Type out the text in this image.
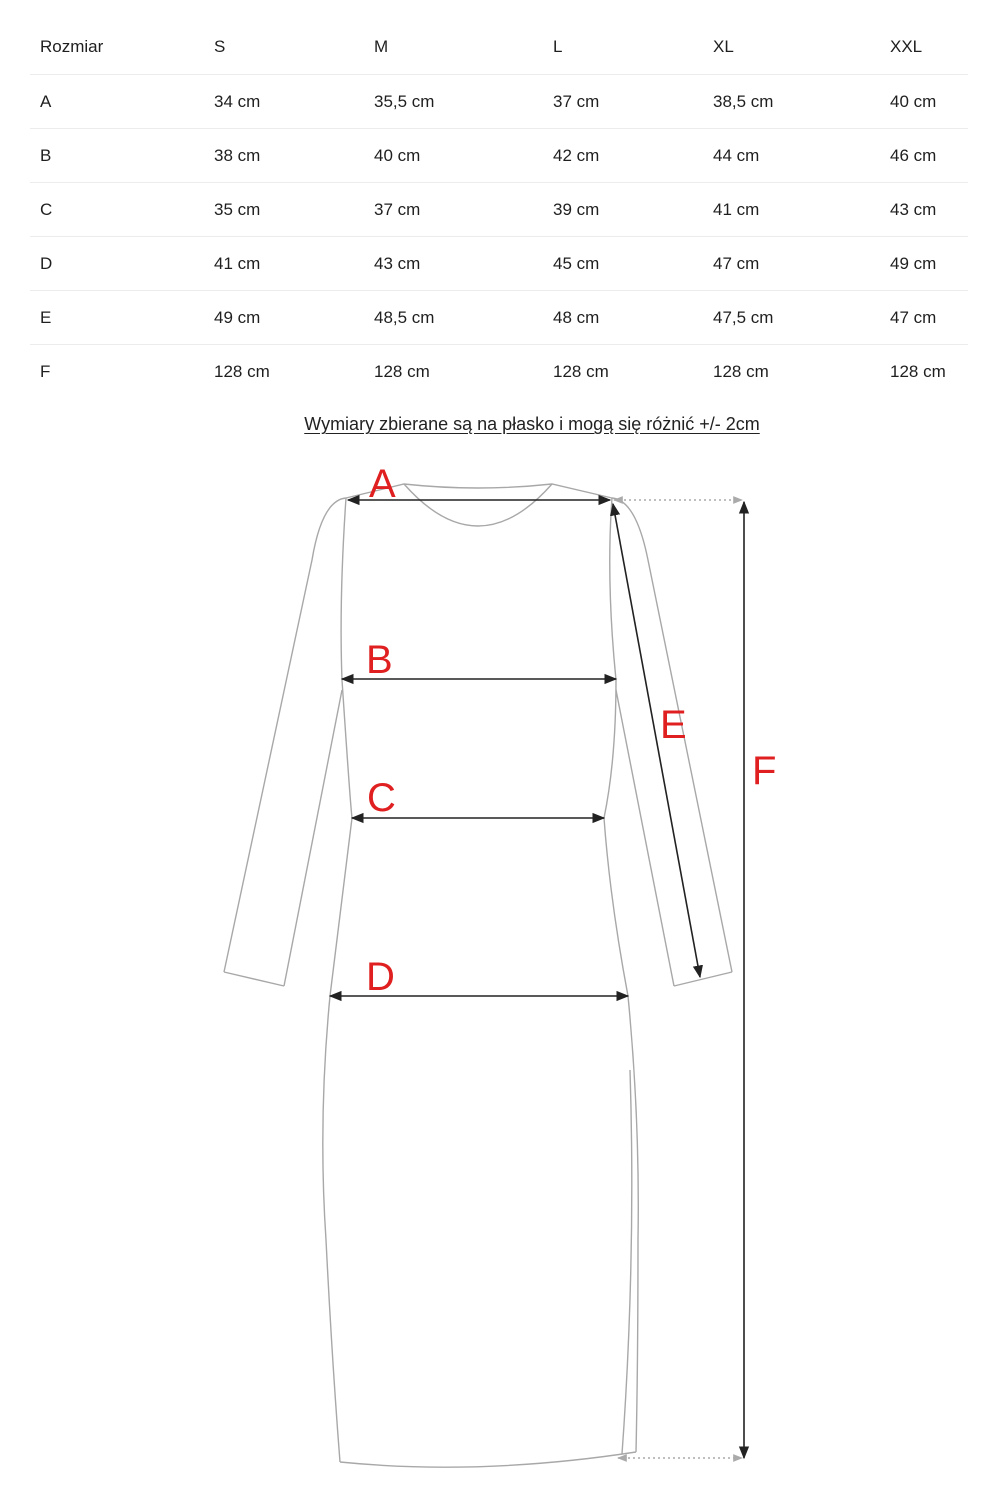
Rozmiar	S	M	L	XL	XXL
A	34 cm	35,5 cm	37 cm	38,5 cm	40 cm
B	38 cm	40 cm	42 cm	44 cm	46 cm
C	35 cm	37 cm	39 cm	41 cm	43 cm
D	41 cm	43 cm	45 cm	47 cm	49 cm
E	49 cm	48,5 cm	48 cm	47,5 cm	47 cm
F	128 cm	128 cm	128 cm	128 cm	128 cm

Wymiary zbierane są na płasko i mogą się różnić +/- 2cm

A
B
C
D
E
F
